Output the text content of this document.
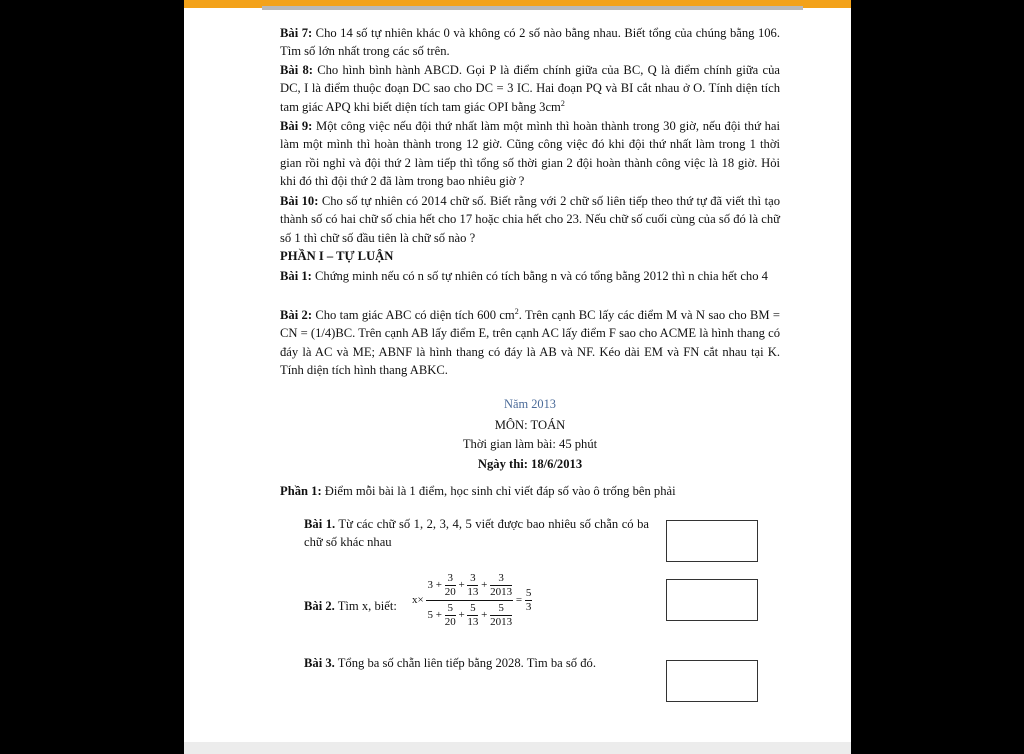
Bài 7: Cho 14 số tự nhiên khác 0 và không có 2 số nào bằng nhau. Biết tổng của chúng bằng 106. Tìm số lớn nhất trong các số trên.
Bài 8: Cho hình bình hành ABCD. Gọi P là điểm chính giữa của BC, Q là điểm chính giữa của DC, I là điểm thuộc đoạn DC sao cho DC = 3 IC. Hai đoạn PQ và BI cắt nhau ở O. Tính diện tích tam giác APQ khi biết diện tích tam giác OPI bằng $3cm^2$
Bài 9: Một công việc nếu đội thứ nhất làm một mình thì hoàn thành trong 30 giờ, nếu đội thứ hai làm một mình thì hoàn thành trong 12 giờ. Cũng công việc đó khi đội thứ nhất làm trong 1 thời gian rồi nghỉ và đội thứ 2 làm tiếp thì tổng số thời gian 2 đội hoàn thành công việc là 18 giờ. Hỏi khi đó thì đội thứ 2 đã làm trong bao nhiêu giờ ?
Bài 10: Cho số tự nhiên có 2014 chữ số. Biết rằng với 2 chữ số liên tiếp theo thứ tự đã viết thì tạo thành số có hai chữ số chia hết cho 17 hoặc chia hết cho 23. Nếu chữ số cuối cùng của số đó là chữ số 1 thì chữ số đầu tiên là chữ số nào ?
PHẦN I – TỰ LUẬN
Bài 1: Chứng minh nếu có n số tự nhiên có tích bằng n và có tổng bằng 2012 thì n chia hết cho 4
Bài 2: Cho tam giác ABC có diện tích 600 $cm^2$. Trên cạnh BC lấy các điểm M và N sao cho BM = CN = (1/4)BC. Trên cạnh AB lấy điểm E, trên cạnh AC lấy điểm F sao cho ACME là hình thang có đáy là AC và ME; ABNF là hình thang có đáy là AB và NF. Kéo dài EM và FN cắt nhau tại K. Tính diện tích hình thang ABKC.
Năm 2013
MÔN: TOÁN
Thời gian làm bài: 45 phút
Ngày thi: 18/6/2013
Phần 1: Điểm mỗi bài là 1 điểm, học sinh chỉ viết đáp số vào ô trống bên phải
Bài 1. Từ các chữ số 1, 2, 3, 4, 5 viết được bao nhiêu số chẵn có ba chữ số khác nhau
Bài 2. Tìm x, biết: x×
$3 + \frac{3}{20} + \frac{3}{13} + \frac{3}{2013}$
$5 + \frac{5}{20} + \frac{5}{13} + \frac{5}{2013}$
= $\frac{5}{3}$
Bài 3. Tổng ba số chẵn liên tiếp bằng 2028. Tìm ba số đó.
